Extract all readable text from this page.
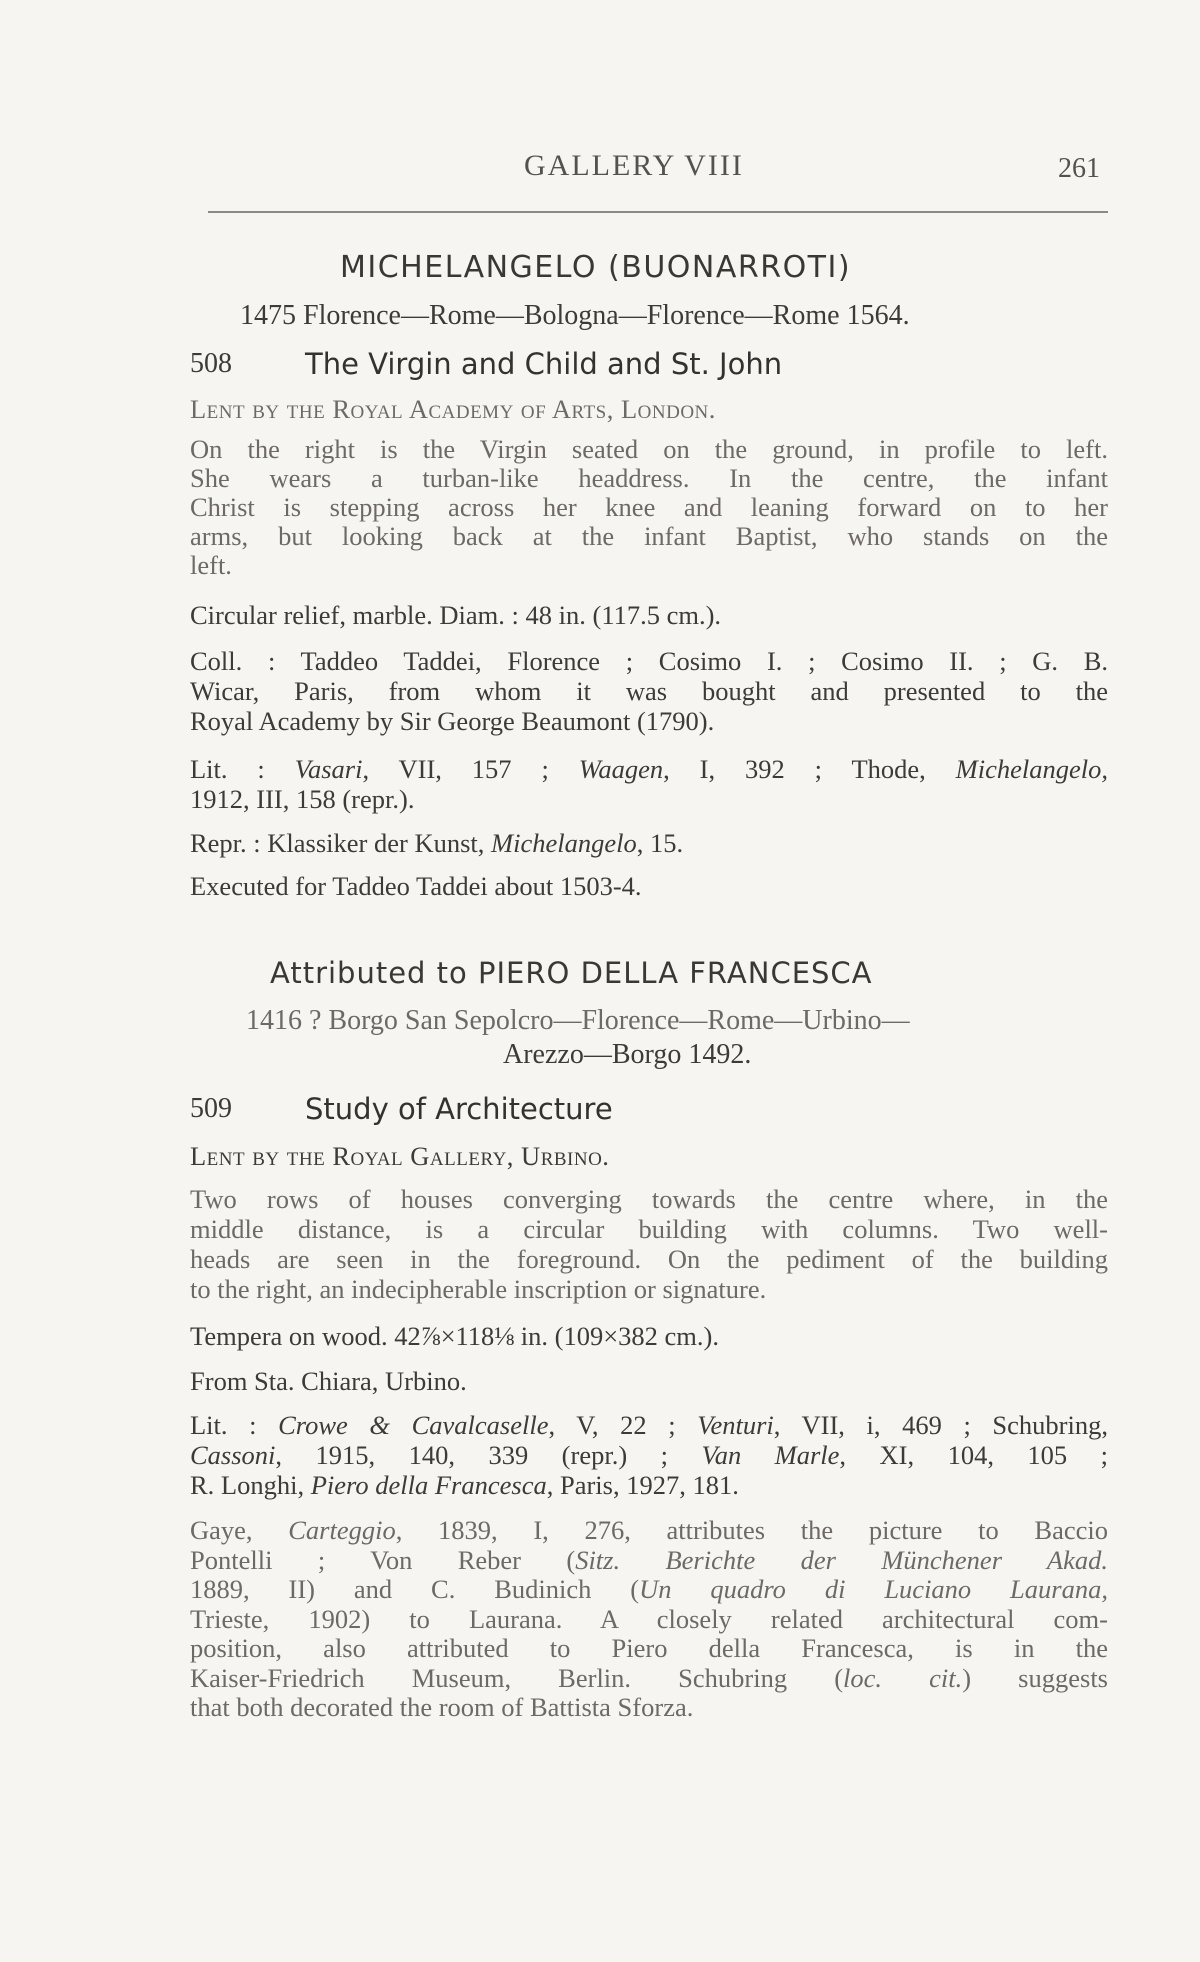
GALLERY VIII	261
MICHELANGELO (BUONARROTI)
1475 Florence—Rome—Bologna—Florence—Rome 1564.
508	The Virgin and Child and St. John
Lent by the Royal Academy of Arts, London.
On the right is the Virgin seated on the ground, in profile to left.
She wears a turban-like headdress. In the centre, the infant
Christ is stepping across her knee and leaning forward on to her
arms, but looking back at the infant Baptist, who stands on the
left.
Circular relief, marble. Diam. : 48 in. (117.5 cm.).
Coll. : Taddeo Taddei, Florence ; Cosimo I. ; Cosimo II. ; G. B.
Wicar, Paris, from whom it was bought and presented to the
Royal Academy by Sir George Beaumont (1790).
Lit. : Vasari, VII, 157 ; Waagen, I, 392 ; Thode, Michelangelo,
1912, III, 158 (repr.).
Repr. : Klassiker der Kunst, Michelangelo, 15.
Executed for Taddeo Taddei about 1503-4.
Attributed to PIERO DELLA FRANCESCA
1416 ? Borgo San Sepolcro—Florence—Rome—Urbino—
Arezzo—Borgo 1492.
509	Study of Architecture
Lent by the Royal Gallery, Urbino.
Two rows of houses converging towards the centre where, in the
middle distance, is a circular building with columns. Two well-
heads are seen in the foreground. On the pediment of the building
to the right, an indecipherable inscription or signature.
Tempera on wood. 42⅞×118⅛ in. (109×382 cm.).
From Sta. Chiara, Urbino.
Lit. : Crowe & Cavalcaselle, V, 22 ; Venturi, VII, i, 469 ; Schubring,
Cassoni, 1915, 140, 339 (repr.) ; Van Marle, XI, 104, 105 ;
R. Longhi, Piero della Francesca, Paris, 1927, 181.
Gaye, Carteggio, 1839, I, 276, attributes the picture to Baccio
Pontelli ; Von Reber (Sitz. Berichte der Münchener Akad.
1889, II) and C. Budinich (Un quadro di Luciano Laurana,
Trieste, 1902) to Laurana. A closely related architectural com-
position, also attributed to Piero della Francesca, is in the
Kaiser-Friedrich Museum, Berlin. Schubring (loc. cit.) suggests
that both decorated the room of Battista Sforza.
